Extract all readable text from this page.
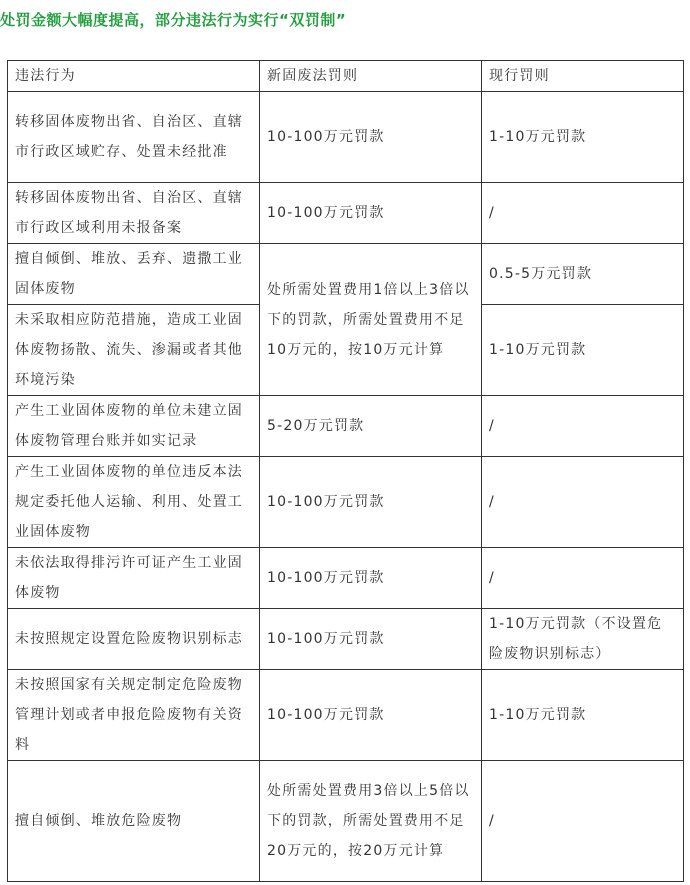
处罚金额大幅度提高，部分违法行为实行“双罚制”
违法行为	新固废法罚则	现行罚则
转移固体废物出省、自治区、直辖市行政区域贮存、处置未经批准	10-100万元罚款	1-10万元罚款
转移固体废物出省、自治区、直辖市行政区域利用未报备案	10-100万元罚款	/
擅自倾倒、堆放、丢弃、遗撒工业固体废物	处所需处置费用1倍以上3倍以下的罚款，所需处置费用不足10万元的，按10万元计算	0.5-5万元罚款
未采取相应防范措施，造成工业固体废物扬散、流失、渗漏或者其他环境污染		1-10万元罚款
产生工业固体废物的单位未建立固体废物管理台账并如实记录	5-20万元罚款	/
产生工业固体废物的单位违反本法规定委托他人运输、利用、处置工业固体废物	10-100万元罚款	/
未依法取得排污许可证产生工业固体废物	10-100万元罚款	/
未按照规定设置危险废物识别标志	10-100万元罚款	1-10万元罚款（不设置危险废物识别标志）
未按照国家有关规定制定危险废物管理计划或者申报危险废物有关资料	10-100万元罚款	1-10万元罚款
擅自倾倒、堆放危险废物	处所需处置费用3倍以上5倍以下的罚款，所需处置费用不足20万元的，按20万元计算	/
